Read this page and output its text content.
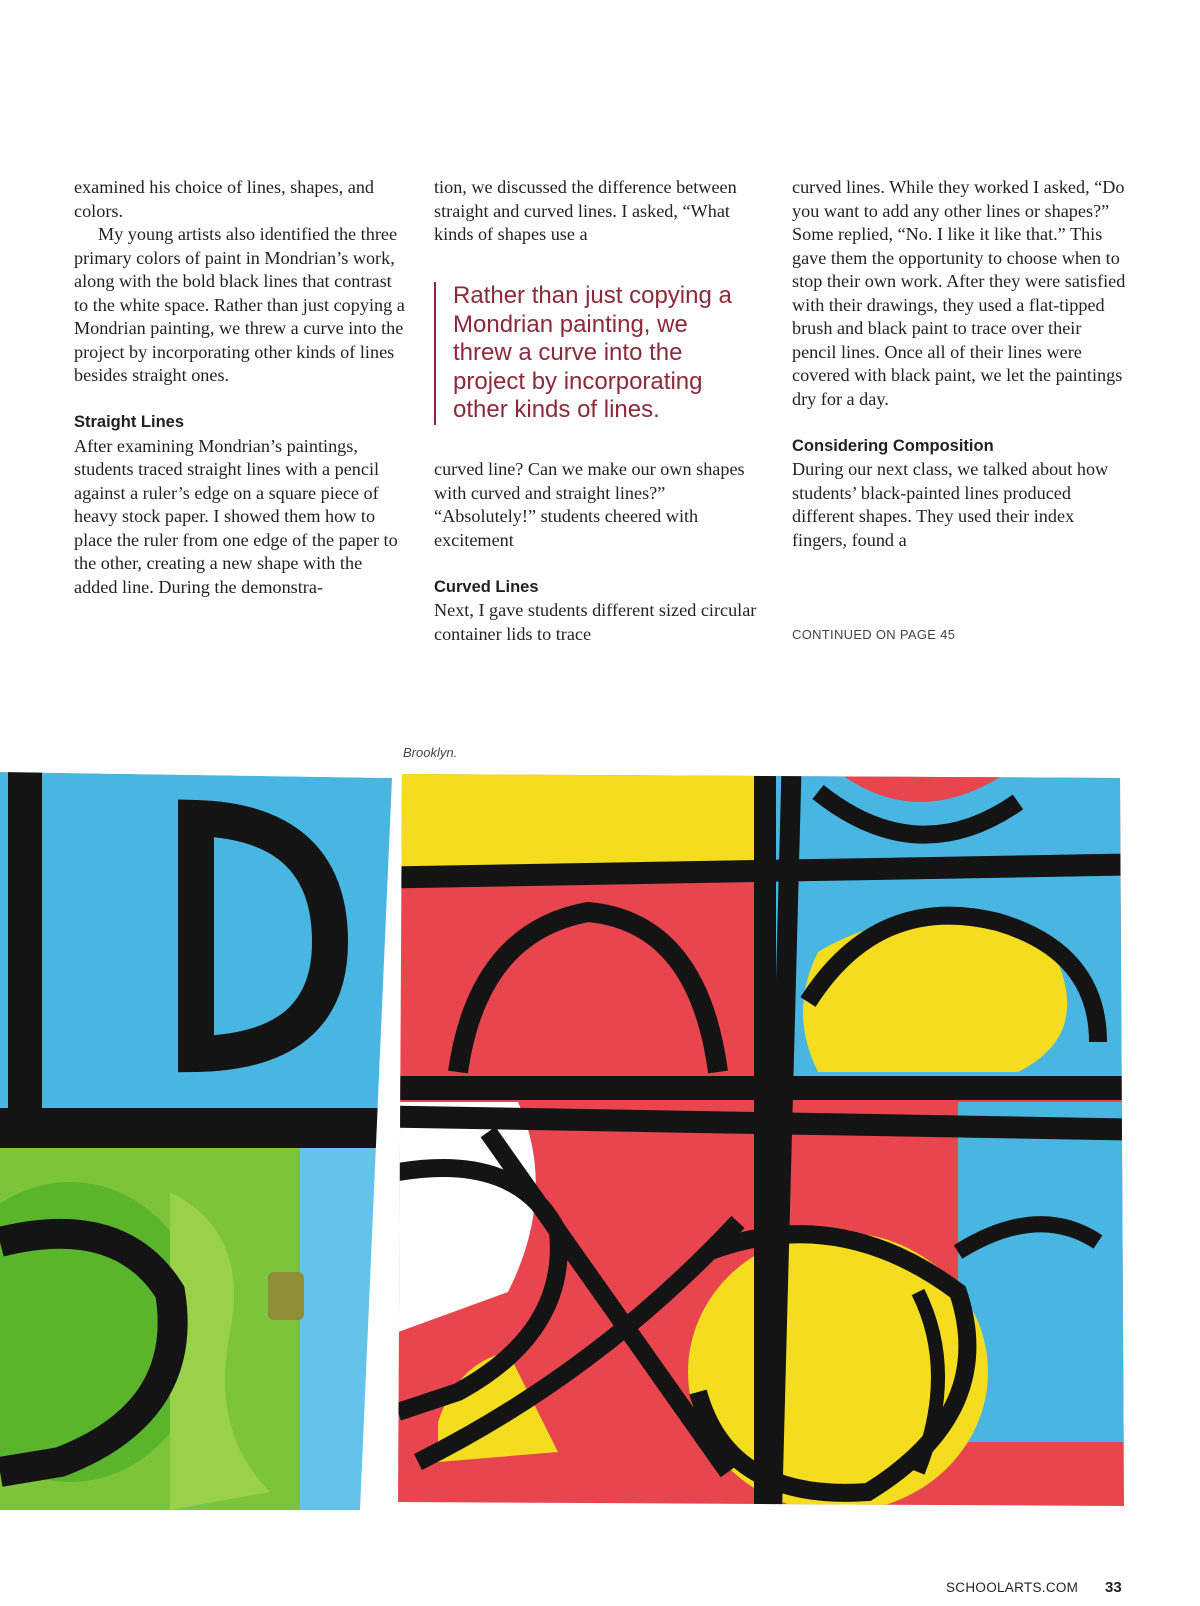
examined his choice of lines, shapes, and colors.

My young artists also identified the three primary colors of paint in Mondrian’s work, along with the bold black lines that contrast to the white space. Rather than just copying a Mondrian painting, we threw a curve into the project by incorporating other kinds of lines besides straight ones.

Straight Lines

After examining Mondrian’s paintings, students traced straight lines with a pencil against a ruler’s edge on a square piece of heavy stock paper. I showed them how to place the ruler from one edge of the paper to the other, creating a new shape with the added line. During the demonstra-

tion, we discussed the difference between straight and curved lines. I asked, “What kinds of shapes use a

Rather than just copying a Mondrian painting, we threw a curve into the project by incorporating other kinds of lines.

curved line? Can we make our own shapes with curved and straight lines?” “Absolutely!” students cheered with excitement

Curved Lines

Next, I gave students different sized circular container lids to trace

curved lines. While they worked I asked, “Do you want to add any other lines or shapes?” Some replied, “No. I like it like that.” This gave them the opportunity to choose when to stop their own work. After they were satisfied with their drawings, they used a flat-tipped brush and black paint to trace over their pencil lines. Once all of their lines were covered with black paint, we let the paintings dry for a day.

Considering Composition

During our next class, we talked about how students’ black-painted lines produced different shapes. They used their index fingers, found a

CONTINUED ON PAGE 45
Brooklyn.
SCHOOLARTS.COM 33
